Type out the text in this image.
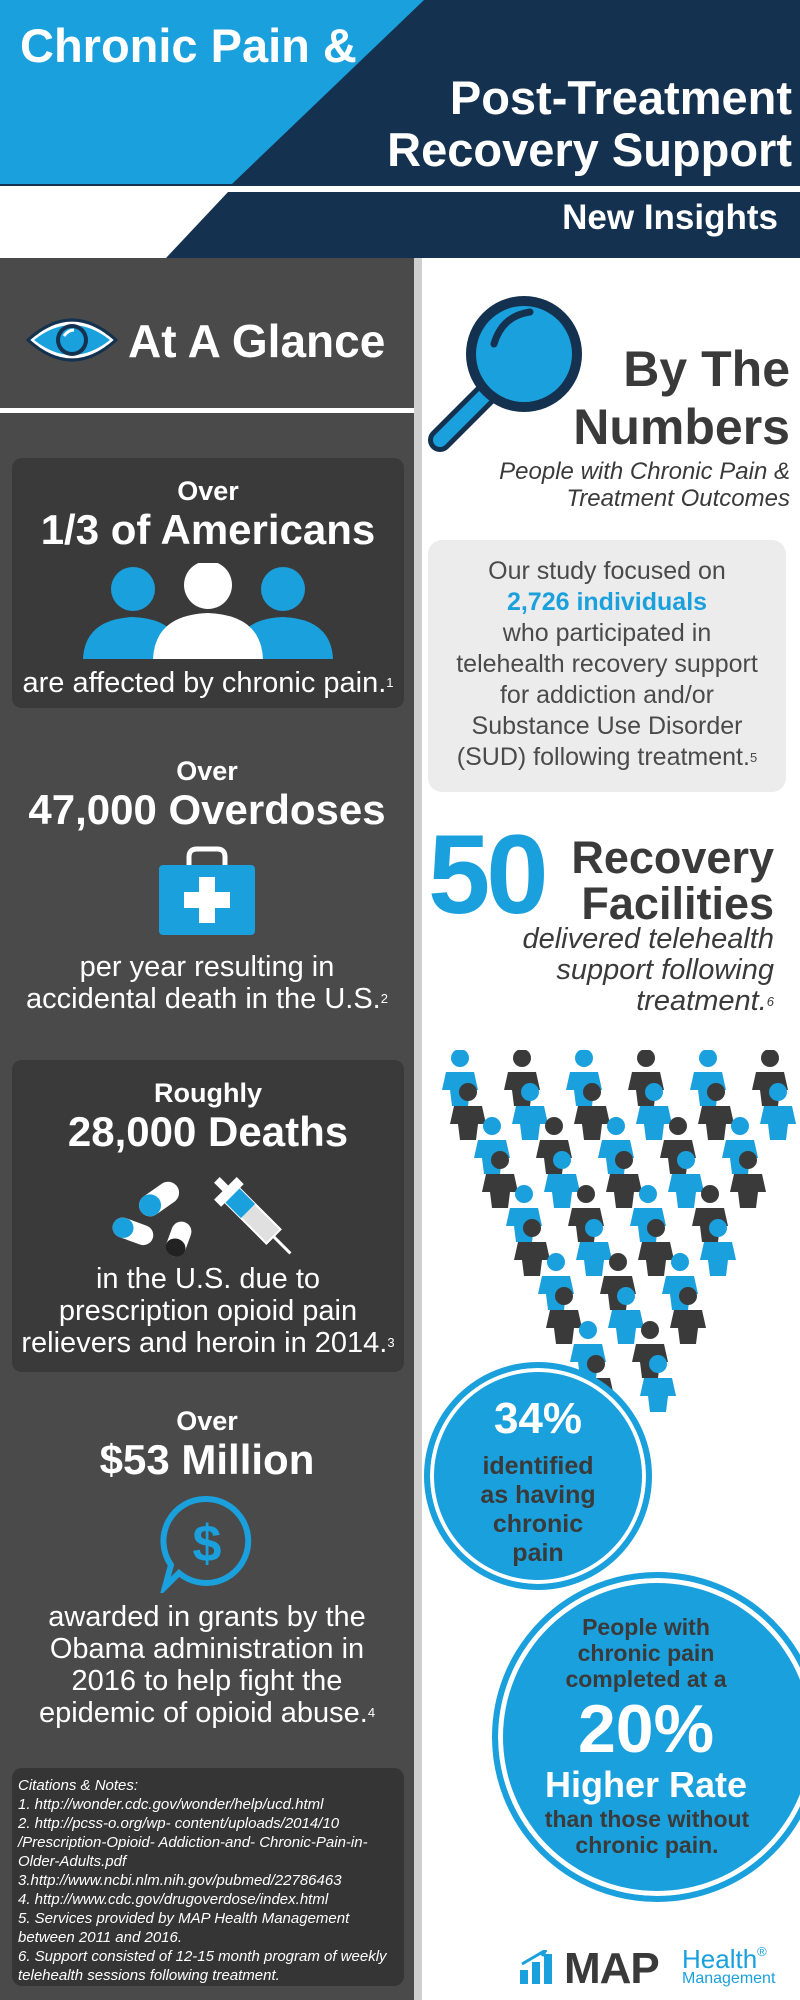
Chronic Pain &
Post-Treatment
Recovery Support
New Insights
At A Glance
Over
1/3 of Americans
are affected by chronic pain.$^1$
Over
47,000 Overdoses
per year resulting in
accidental death in the U.S.$^2$
Roughly
28,000 Deaths
in the U.S. due to
prescription opioid pain
relievers and heroin in 2014.$^3$
Over
$53 Million
$
awarded in grants by the
Obama administration in
2016 to help fight the
epidemic of opioid abuse.$^4$
Citations & Notes:
1. http://wonder.cdc.gov/wonder/help/ucd.html
2. http://pcss-o.org/wp- content/uploads/2014/10 /Prescription-Opioid- Addiction-and- Chronic-Pain-in-Older-Adults.pdf
3.http://www.ncbi.nlm.nih.gov/pubmed/22786463
4. http://www.cdc.gov/drugoverdose/index.html
5. Services provided by MAP Health Management between 2011 and 2016.
6. Support consisted of 12-15 month program of weekly telehealth sessions following treatment.
By The
Numbers
People with Chronic Pain &
Treatment Outcomes
Our study focused on
2,726 individuals
who participated in
telehealth recovery support
for addiction and/or
Substance Use Disorder
(SUD) following treatment.$^5$
50 Recovery
Facilities
delivered telehealth
support following
treatment.$^6$
34%
identified
as having
chronic
pain
People with
chronic pain
completed at a
20%
Higher Rate
than those without
chronic pain.
MAP Health®
Management
